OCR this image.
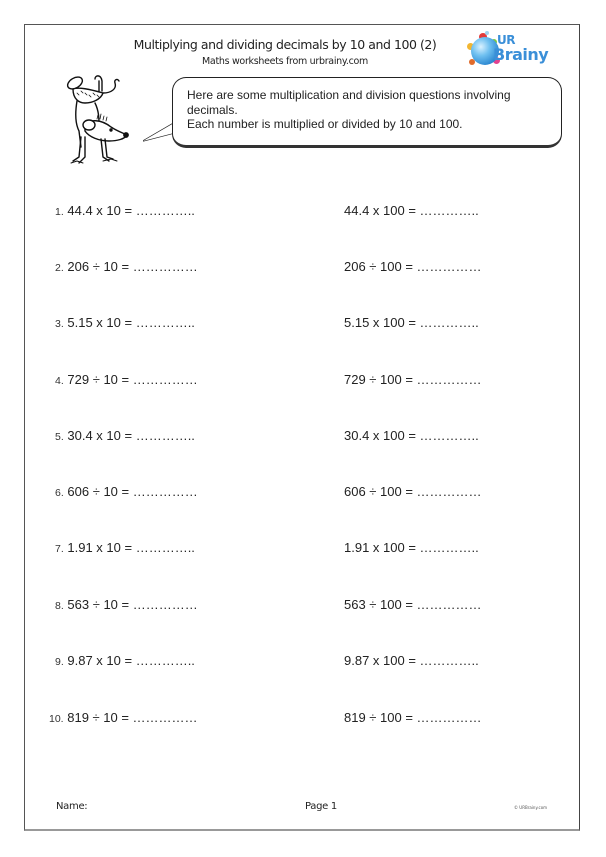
Multiplying and dividing decimals by 10 and 100 (2)
Maths worksheets from urbrainy.com
UR
Brainy
Here are some multiplication and division questions involving
decimals.
Each number is multiplied or divided by 10 and 100.
1. 44.4 x 10 = …………..
2. 206 ÷ 10 = ……………
3. 5.15 x 10 = …………..
4. 729 ÷ 10 = ……………
5. 30.4 x 10 = …………..
6. 606 ÷ 10 = ……………
7. 1.91 x 10 = …………..
8. 563 ÷ 10 = ……………
9. 9.87 x 10 = …………..
10. 819 ÷ 10 = ……………
44.4 x 100 = …………..
206 ÷ 100 = ……………
5.15 x 100 = …………..
729 ÷ 100 = ……………
30.4 x 100 = …………..
606 ÷ 100 = ……………
1.91 x 100 = …………..
563 ÷ 100 = ……………
9.87 x 100 = …………..
819 ÷ 100 = ……………
Name:	Page 1	© URBrainy.com
